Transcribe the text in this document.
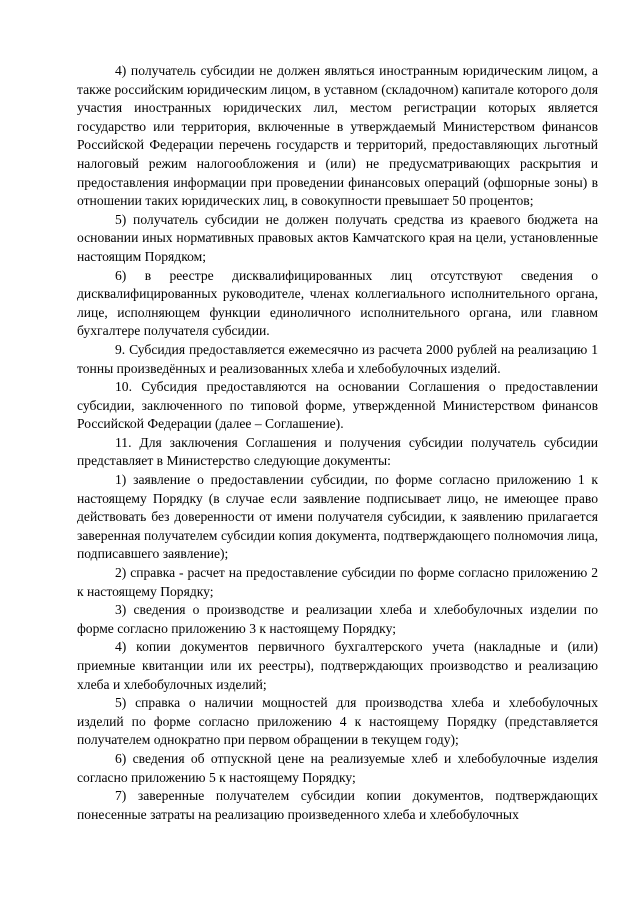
4) получатель субсидии не должен являться иностранным юридическим лицом, а также российским юридическим лицом, в уставном (складочном) капитале которого доля участия иностранных юридических лил, местом регистрации которых является государство или территория, включенные в утверждаемый Министерством финансов Российской Федерации перечень государств и территорий, предоставляющих льготный налоговый режим налогообложения и (или) не предусматривающих раскрытия и предоставления информации при проведении финансовых операций (офшорные зоны) в отношении таких юридических лиц, в совокупности превышает 50 процентов;

5) получатель субсидии не должен получать средства из краевого бюджета на основании иных нормативных правовых актов Камчатского края на цели, установленные настоящим Порядком;

6) в реестре дисквалифицированных лиц отсутствуют сведения о дисквалифицированных руководителе, членах коллегиального исполнительного органа, лице, исполняющем функции единоличного исполнительного органа, или главном бухгалтере получателя субсидии.

9. Субсидия предоставляется ежемесячно из расчета 2000 рублей на реализацию 1 тонны произведённых и реализованных хлеба и хлебобулочных изделий.

10. Субсидия предоставляются на основании Соглашения о предоставлении субсидии, заключенного по типовой форме, утвержденной Министерством финансов Российской Федерации (далее – Соглашение).

11. Для заключения Соглашения и получения субсидии получатель субсидии представляет в Министерство следующие документы:

1) заявление о предоставлении субсидии, по форме согласно приложению 1 к настоящему Порядку (в случае если заявление подписывает лицо, не имеющее право действовать без доверенности от имени получателя субсидии, к заявлению прилагается заверенная получателем субсидии копия документа, подтверждающего полномочия лица, подписавшего заявление);

2) справка - расчет на предоставление субсидии по форме согласно приложению 2 к настоящему Порядку;

3) сведения о производстве и реализации хлеба и хлебобулочных изделии по форме согласно приложению 3 к настоящему Порядку;

4) копии документов первичного бухгалтерского учета (накладные и (или) приемные квитанции или их реестры), подтверждающих производство и реализацию хлеба и хлебобулочных изделий;

5) справка о наличии мощностей для производства хлеба и хлебобулочных изделий по форме согласно приложению 4 к настоящему Порядку (представляется получателем однократно при первом обращении в текущем году);

6) сведения об отпускной цене на реализуемые хлеб и хлебобулочные изделия согласно приложению 5 к настоящему Порядку;

7) заверенные получателем субсидии копии документов, подтверждающих понесенные затраты на реализацию произведенного хлеба и хлебобулочных
